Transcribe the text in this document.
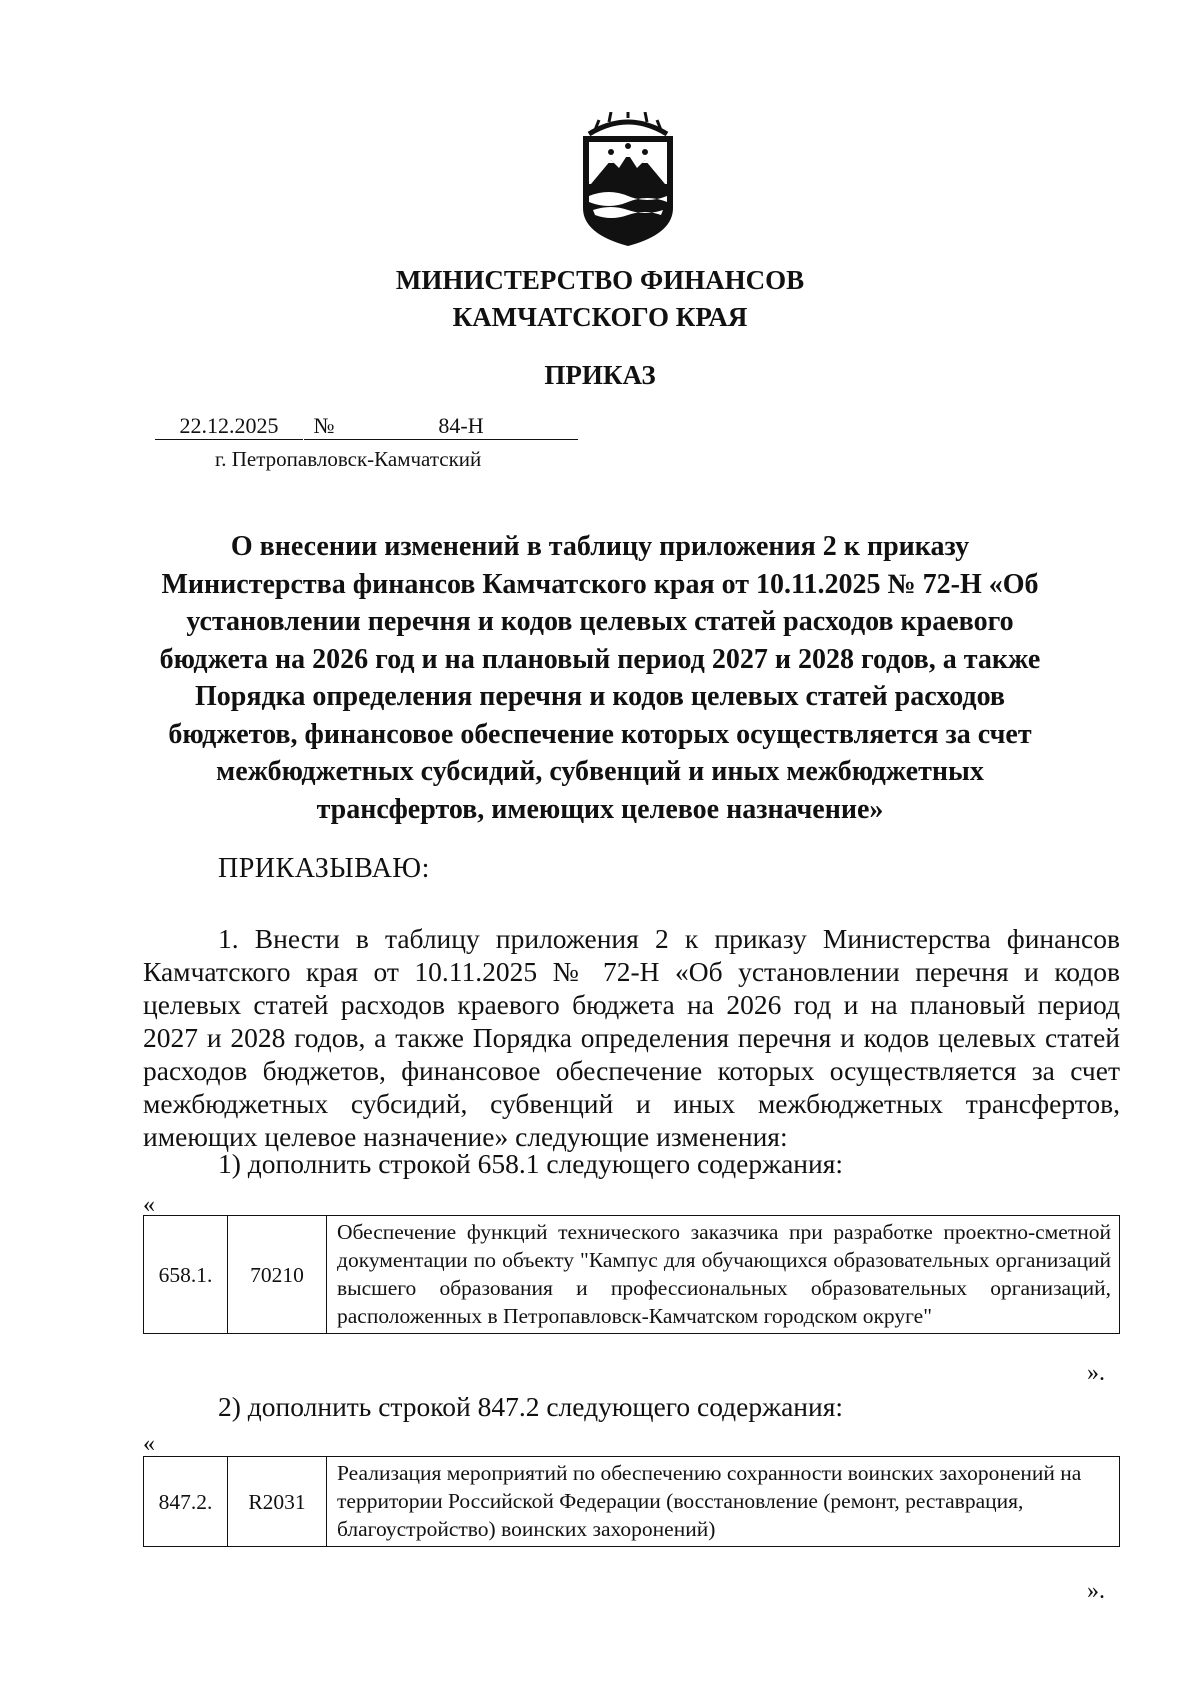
МИНИСТЕРСТВО ФИНАНСОВ
КАМЧАТСКОГО КРАЯ
ПРИКАЗ
22.12.2025	№	84-Н
г. Петропавловск-Камчатский
О внесении изменений в таблицу приложения 2 к приказу Министерства финансов Камчатского края от 10.11.2025 № 72-Н «Об установлении перечня и кодов целевых статей расходов краевого бюджета на 2026 год и на плановый период 2027 и 2028 годов, а также Порядка определения перечня и кодов целевых статей расходов бюджетов, финансовое обеспечение которых осуществляется за счет межбюджетных субсидий, субвенций и иных межбюджетных трансфертов, имеющих целевое назначение»
ПРИКАЗЫВАЮ:
1. Внести в таблицу приложения 2 к приказу Министерства финансов Камчатского края от 10.11.2025 № 72-Н «Об установлении перечня и кодов целевых статей расходов краевого бюджета на 2026 год и на плановый период 2027 и 2028 годов, а также Порядка определения перечня и кодов целевых статей расходов бюджетов, финансовое обеспечение которых осуществляется за счет межбюджетных субсидий, субвенций и иных межбюджетных трансфертов, имеющих целевое назначение» следующие изменения:
1) дополнить строкой 658.1 следующего содержания:
«
658.1.	70210	Обеспечение функций технического заказчика при разработке проектно-сметной документации по объекту "Кампус для обучающихся образовательных организаций высшего образования и профессиональных образовательных организаций, расположенных в Петропавловск-Камчатском городском округе"
».
2) дополнить строкой 847.2 следующего содержания:
«
847.2.	R2031	Реализация мероприятий по обеспечению сохранности воинских захоронений на территории Российской Федерации (восстановление (ремонт, реставрация, благоустройство) воинских захоронений)
».
